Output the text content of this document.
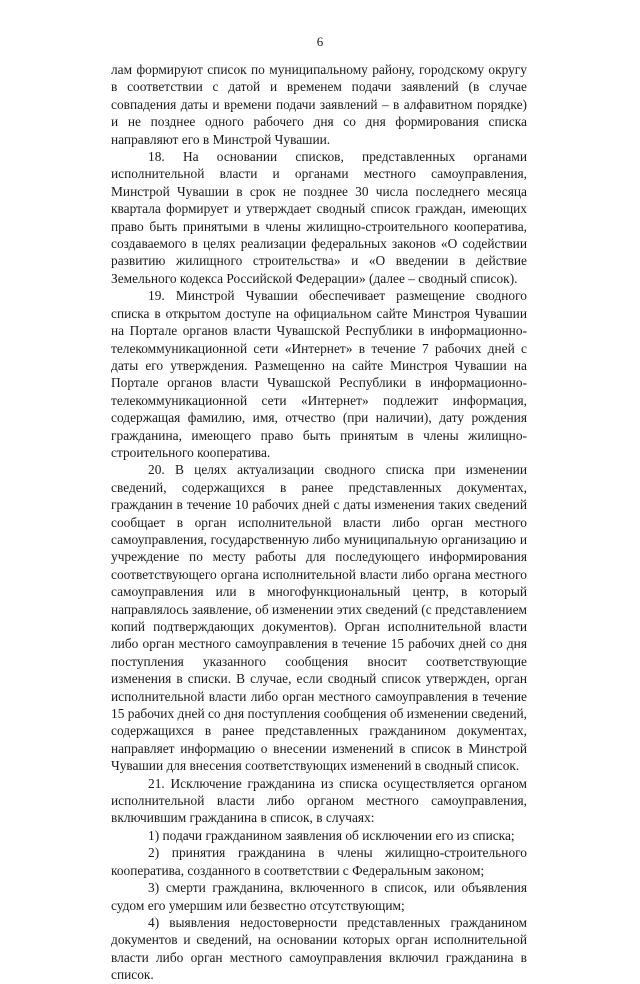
6

лам формируют список по муниципальному району, городскому округу в соответствии с датой и временем подачи заявлений (в случае совпадения даты и времени подачи заявлений – в алфавитном порядке) и не позднее одного рабочего дня со дня формирования списка направляют его в Минстрой Чувашии.

18. На основании списков, представленных органами исполнительной власти и органами местного самоуправления, Минстрой Чувашии в срок не позднее 30 числа последнего месяца квартала формирует и утверждает сводный список граждан, имеющих право быть принятыми в члены жилищно-строительного кооператива, создаваемого в целях реализации федеральных законов «О содействии развитию жилищного строительства» и «О введении в действие Земельного кодекса Российской Федерации» (далее – сводный список).

19. Минстрой Чувашии обеспечивает размещение сводного списка в открытом доступе на официальном сайте Минстроя Чувашии на Портале органов власти Чувашской Республики в информационно-телекоммуникационной сети «Интернет» в течение 7 рабочих дней с даты его утверждения. Размещенно на сайте Минстроя Чувашии на Портале органов власти Чувашской Республики в информационно-телекоммуникационной сети «Интернет» подлежит информация, содержащая фамилию, имя, отчество (при наличии), дату рождения гражданина, имеющего право быть принятым в члены жилищно-строительного кооператива.

20. В целях актуализации сводного списка при изменении сведений, содержащихся в ранее представленных документах, гражданин в течение 10 рабочих дней с даты изменения таких сведений сообщает в орган исполнительной власти либо орган местного самоуправления, государственную либо муниципальную организацию и учреждение по месту работы для последующего информирования соответствующего органа исполнительной власти либо органа местного самоуправления или в многофункциональный центр, в который направлялось заявление, об изменении этих сведений (с представлением копий подтверждающих документов). Орган исполнительной власти либо орган местного самоуправления в течение 15 рабочих дней со дня поступления указанного сообщения вносит соответствующие изменения в списки. В случае, если сводный список утвержден, орган исполнительной власти либо орган местного самоуправления в течение 15 рабочих дней со дня поступления сообщения об изменении сведений, содержащихся в ранее представленных гражданином документах, направляет информацию о внесении изменений в список в Минстрой Чувашии для внесения соответствующих изменений в сводный список.

21. Исключение гражданина из списка осуществляется органом исполнительной власти либо органом местного самоуправления, включившим гражданина в список, в случаях:

1) подачи гражданином заявления об исключении его из списка;

2) принятия гражданина в члены жилищно-строительного кооператива, созданного в соответствии с Федеральным законом;

3) смерти гражданина, включенного в список, или объявления судом его умершим или безвестно отсутствующим;

4) выявления недостоверности представленных гражданином документов и сведений, на основании которых орган исполнительной власти либо орган местного самоуправления включил гражданина в список.
